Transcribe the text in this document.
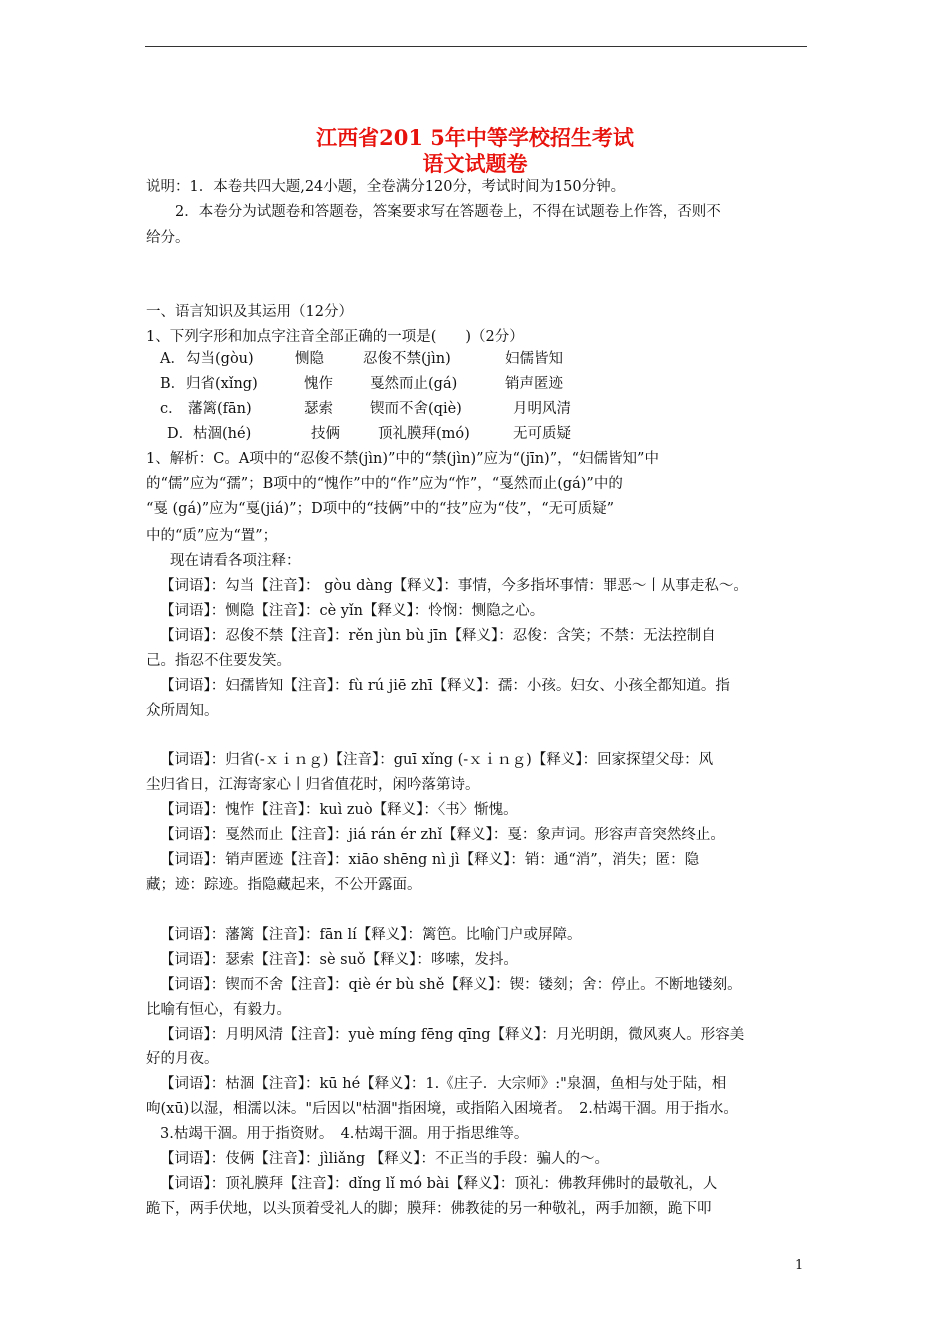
江西省201 5年中等学校招生考试
语文试题卷
说明：1．本卷共四大题,24小题，全卷满分120分，考试时间为150分钟。
2．本卷分为试题卷和答题卷，答案要求写在答题卷上，不得在试题卷上作答，否则不
给分。
一、语言知识及其运用（12分）
1、下列字形和加点字注音全部正确的一项是(　　)（2分）
A． 勾当(gòu)	恻隐	忍俊不禁(jìn)	妇儒皆知
B． 归省(xǐng)	愧作	戛然而止(gá)	销声匿迹
c． 藩篱(fān)	瑟索	锲而不舍(qiè)	月明风清
D． 枯涸(hé)	技俩	顶礼膜拜(mó)	无可质疑
1、解析：C。A项中的“忍俊不禁(jìn)”中的“禁(jìn)”应为“(jīn)”，“妇儒皆知”中
的“儒”应为“孺”；B项中的“愧作”中的“作”应为“怍”，“戛然而止(gá)”中的
“戛 (gá)”应为“戛(jiá)”；D项中的“技俩”中的“技”应为“伎”，“无可质疑”
中的“质”应为“置”；
现在请看各项注释：
【词语】：勾当【注音】： gòu dàng【释义】：事情，今多指坏事情：罪恶～丨从事走私～。
【词语】：恻隐【注音】：cè yǐn【释义】：怜悯：恻隐之心。
【词语】：忍俊不禁【注音】：rěn jùn bù jīn【释义】：忍俊：含笑；不禁：无法控制自
己。指忍不住要发笑。
【词语】：妇孺皆知【注音】：fù rú jiē zhī【释义】：孺：小孩。妇女、小孩全都知道。指
众所周知。
【词语】：归省(-ｘｉｎｇ)【注音】：guī xǐng (-ｘｉｎｇ)【释义】：回家探望父母：风
尘归省日，江海寄家心丨归省值花时，闲吟落第诗。
【词语】：愧怍【注音】：kuì zuò【释义】：〈书〉惭愧。
【词语】：戛然而止【注音】：jiá rán ér zhǐ【释义】：戛：象声词。形容声音突然终止。
【词语】：销声匿迹【注音】：xiāo shēng nì jì【释义】：销：通“消”，消失；匿：隐
藏；迹：踪迹。指隐藏起来，不公开露面。
【词语】：藩篱【注音】：fān lí【释义】：篱笆。比喻门户或屏障。
【词语】：瑟索【注音】：sè suǒ【释义】：哆嗦，发抖。
【词语】：锲而不舍【注音】：qiè ér bù shě【释义】：锲：镂刻；舍：停止。不断地镂刻。
比喻有恒心，有毅力。
【词语】：月明风清【注音】：yuè míng fēng qīng【释义】：月光明朗，微风爽人。形容美
好的月夜。
【词语】：枯涸【注音】：kū hé【释义】：1.《庄子．大宗师》:"泉涸，鱼相与处于陆，相
呴(xū)以湿，相濡以沫。"后因以"枯涸"指困境，或指陷入困境者。　2.枯竭干涸。用于指水。
3.枯竭干涸。用于指资财。　4.枯竭干涸。用于指思维等。
【词语】：伎俩【注音】：jìliǎng 【释义】：不正当的手段：骗人的～。
【词语】：顶礼膜拜【注音】：dǐng lǐ mó bài【释义】：顶礼：佛教拜佛时的最敬礼，人
跪下，两手伏地，以头顶着受礼人的脚；膜拜：佛教徒的另一种敬礼，两手加额，跪下叩
1
